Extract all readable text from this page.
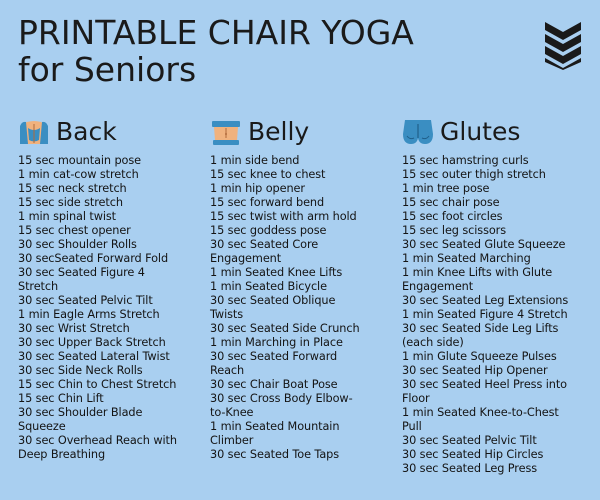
PRINTABLE CHAIR YOGA
for Seniors
Back
15 sec mountain pose
1 min cat-cow stretch
15 sec neck stretch
15 sec side stretch
1 min spinal twist
15 sec chest opener
30 sec Shoulder Rolls
30 secSeated Forward Fold
30 sec Seated Figure 4
Stretch
30 sec Seated Pelvic Tilt
1 min Eagle Arms Stretch
30 sec Wrist Stretch
30 sec Upper Back Stretch
30 sec Seated Lateral Twist
30 sec Side Neck Rolls
15 sec Chin to Chest Stretch
15 sec Chin Lift
30 sec Shoulder Blade
Squeeze
30 sec Overhead Reach with
Deep Breathing
Belly
1 min side bend
15 sec knee to chest
1 min hip opener
15 sec forward bend
15 sec twist with arm hold
15 sec goddess pose
30 sec Seated Core
Engagement
1 min Seated Knee Lifts
1 min Seated Bicycle
30 sec Seated Oblique
Twists
30 sec Seated Side Crunch
1 min Marching in Place
30 sec Seated Forward
Reach
30 sec Chair Boat Pose
30 sec Cross Body Elbow-
to-Knee
1 min Seated Mountain
Climber
30 sec Seated Toe Taps
Glutes
15 sec hamstring curls
15 sec outer thigh stretch
1 min tree pose
15 sec chair pose
15 sec foot circles
15 sec leg scissors
30 sec Seated Glute Squeeze
1 min Seated Marching
1 min Knee Lifts with Glute
Engagement
30 sec Seated Leg Extensions
1 min Seated Figure 4 Stretch
30 sec Seated Side Leg Lifts
(each side)
1 min Glute Squeeze Pulses
30 sec Seated Hip Opener
30 sec Seated Heel Press into
Floor
1 min Seated Knee-to-Chest
Pull
30 sec Seated Pelvic Tilt
30 sec Seated Hip Circles
30 sec Seated Leg Press
